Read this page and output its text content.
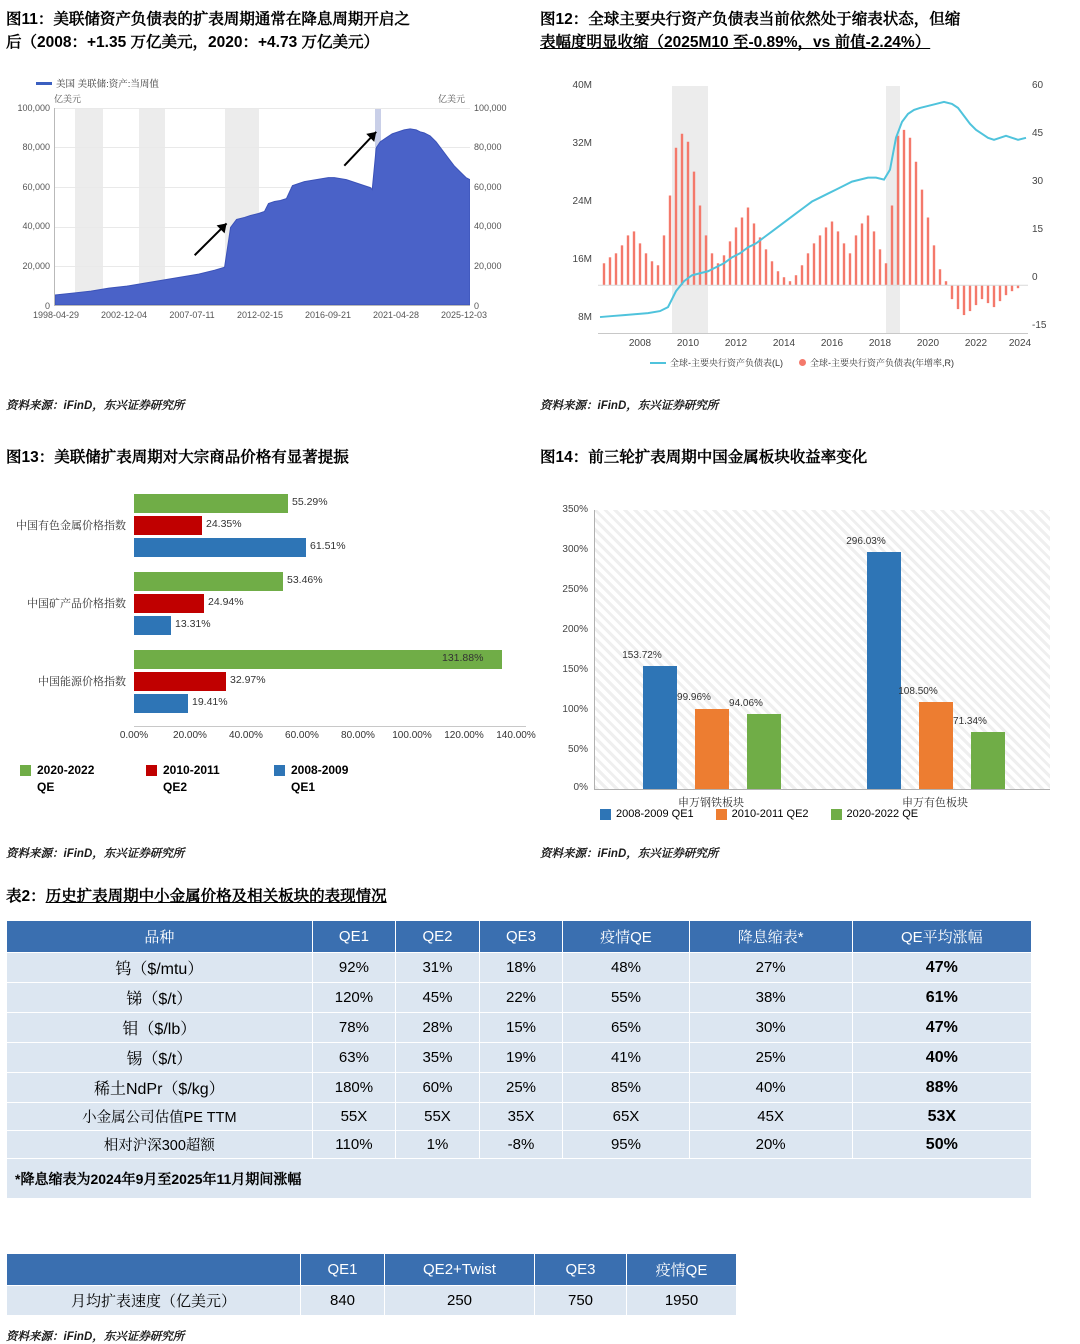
图11：美联储资产负债表的扩表周期通常在降息周期开启之
后（2008：+1.35 万亿美元，2020：+4.73 万亿美元）
美国 美联储:资产:当周值
亿美元	亿美元
100,000
80,000
60,000
40,000
20,000
0
100,000
80,000
60,000
40,000
20,000
0
1998-04-29	2002-12-04	2007-07-11	2012-02-15	2016-09-21	2021-04-28	2025-12-03
资料来源：iFinD，东兴证券研究所
图12：全球主要央行资产负债表当前依然处于缩表状态，但缩
表幅度明显收缩（2025M10 至-0.89%，vs 前值-2.24%）
40M
32M
24M
16M
8M
60
45
30
15
0
-15
2008	2010	2012	2014	2016	2018	2020	2022	2024
全球-主要央行资产负债表(L)	全球-主要央行资产负债表(年增率,R)
资料来源：iFinD，东兴证券研究所
图13：美联储扩表周期对大宗商品价格有显著提振
中国有色金属价格指数
55.29%
24.35%
61.51%
中国矿产品价格指数
53.46%
24.94%
13.31%
中国能源价格指数
131.88%
32.97%
19.41%
0.00%	20.00%	40.00%	60.00%	80.00%	100.00%	120.00%	140.00%
2020-2022
QE
2010-2011
QE2
2008-2009
QE1
资料来源：iFinD，东兴证券研究所
图14：前三轮扩表周期中国金属板块收益率变化
350%
300%
250%
200%
150%
100%
50%
0%
153.72%
99.96%
94.06%
296.03%
108.50%
71.34%
申万钢铁板块	申万有色板块
2008-2009 QE1	2010-2011 QE2	2020-2022 QE
资料来源：iFinD，东兴证券研究所
表2：历史扩表周期中小金属价格及相关板块的表现情况
品种	QE1	QE2	QE3	疫情QE	降息缩表*	QE平均涨幅
钨（$/mtu）	92%	31%	18%	48%	27%	47%
锑（$/t）	120%	45%	22%	55%	38%	61%
钼（$/lb）	78%	28%	15%	65%	30%	47%
锡（$/t）	63%	35%	19%	41%	25%	40%
稀土NdPr（$/kg）	180%	60%	25%	85%	40%	88%
小金属公司估值PE TTM	55X	55X	35X	65X	45X	53X
相对沪深300超额	110%	1%	-8%	95%	20%	50%
*降息缩表为2024年9月至2025年11月期间涨幅						
	QE1	QE2+Twist	QE3	疫情QE
月均扩表速度（亿美元）	840	250	750	1950
资料来源：iFinD，东兴证券研究所
